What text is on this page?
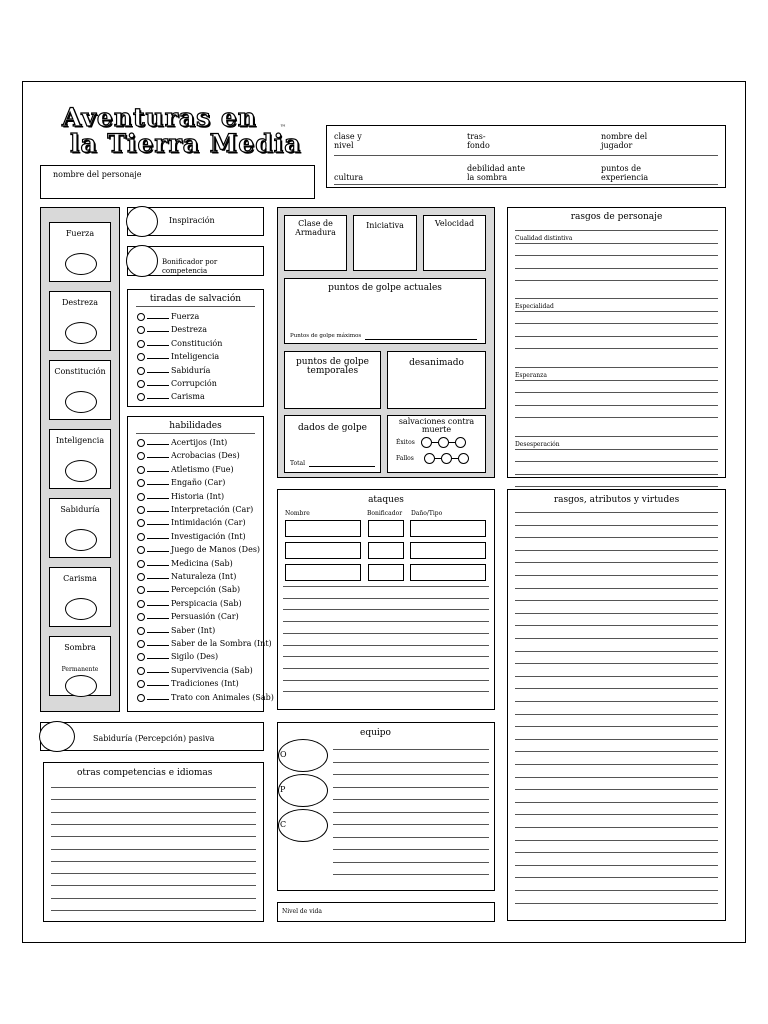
Aventuras en
la Tierra Media
™
nombre del personaje
clase y
nivel
tras-
fondo
nombre del
jugador
cultura
debilidad ante
la sombra
puntos de
experiencia
Fuerza
Destreza
Constitución
Inteligencia
Sabiduría
Carisma
Sombra
Permanente
Inspiración
Bonificador por competencia
tiradas de salvación
Fuerza
Destreza
Constitución
Inteligencia
Sabiduría
Corrupción
Carisma
habilidades
Acertijos (Int)
Acrobacias (Des)
Atletismo (Fue)
Engaño (Car)
Historia (Int)
Interpretación (Car)
Intimidación (Car)
Investigación (Int)
Juego de Manos (Des)
Medicina (Sab)
Naturaleza (Int)
Percepción (Sab)
Perspicacia (Sab)
Persuasión (Car)
Saber (Int)
Saber de la Sombra (Int)
Sigilo (Des)
Supervivencia (Sab)
Tradiciones (Int)
Trato con Animales (Sab)
Clase de
Armadura
Iniciativa	Velocidad
puntos de golpe actuales
Puntos de golpe máximos
puntos de golpe
temporales
desanimado
dados de golpe
Total
salvaciones contra
muerte
Éxitos
Fallos
rasgos de personaje
Cualidad distintiva
Especialidad
Esperanza
Desesperación
ataques
Nombre	Bonificador Daño/Tipo
rasgos, atributos y virtudes
Sabiduría (Percepción) pasiva
otras competencias e idiomas
equipo
O
P
C
Nivel de vida
